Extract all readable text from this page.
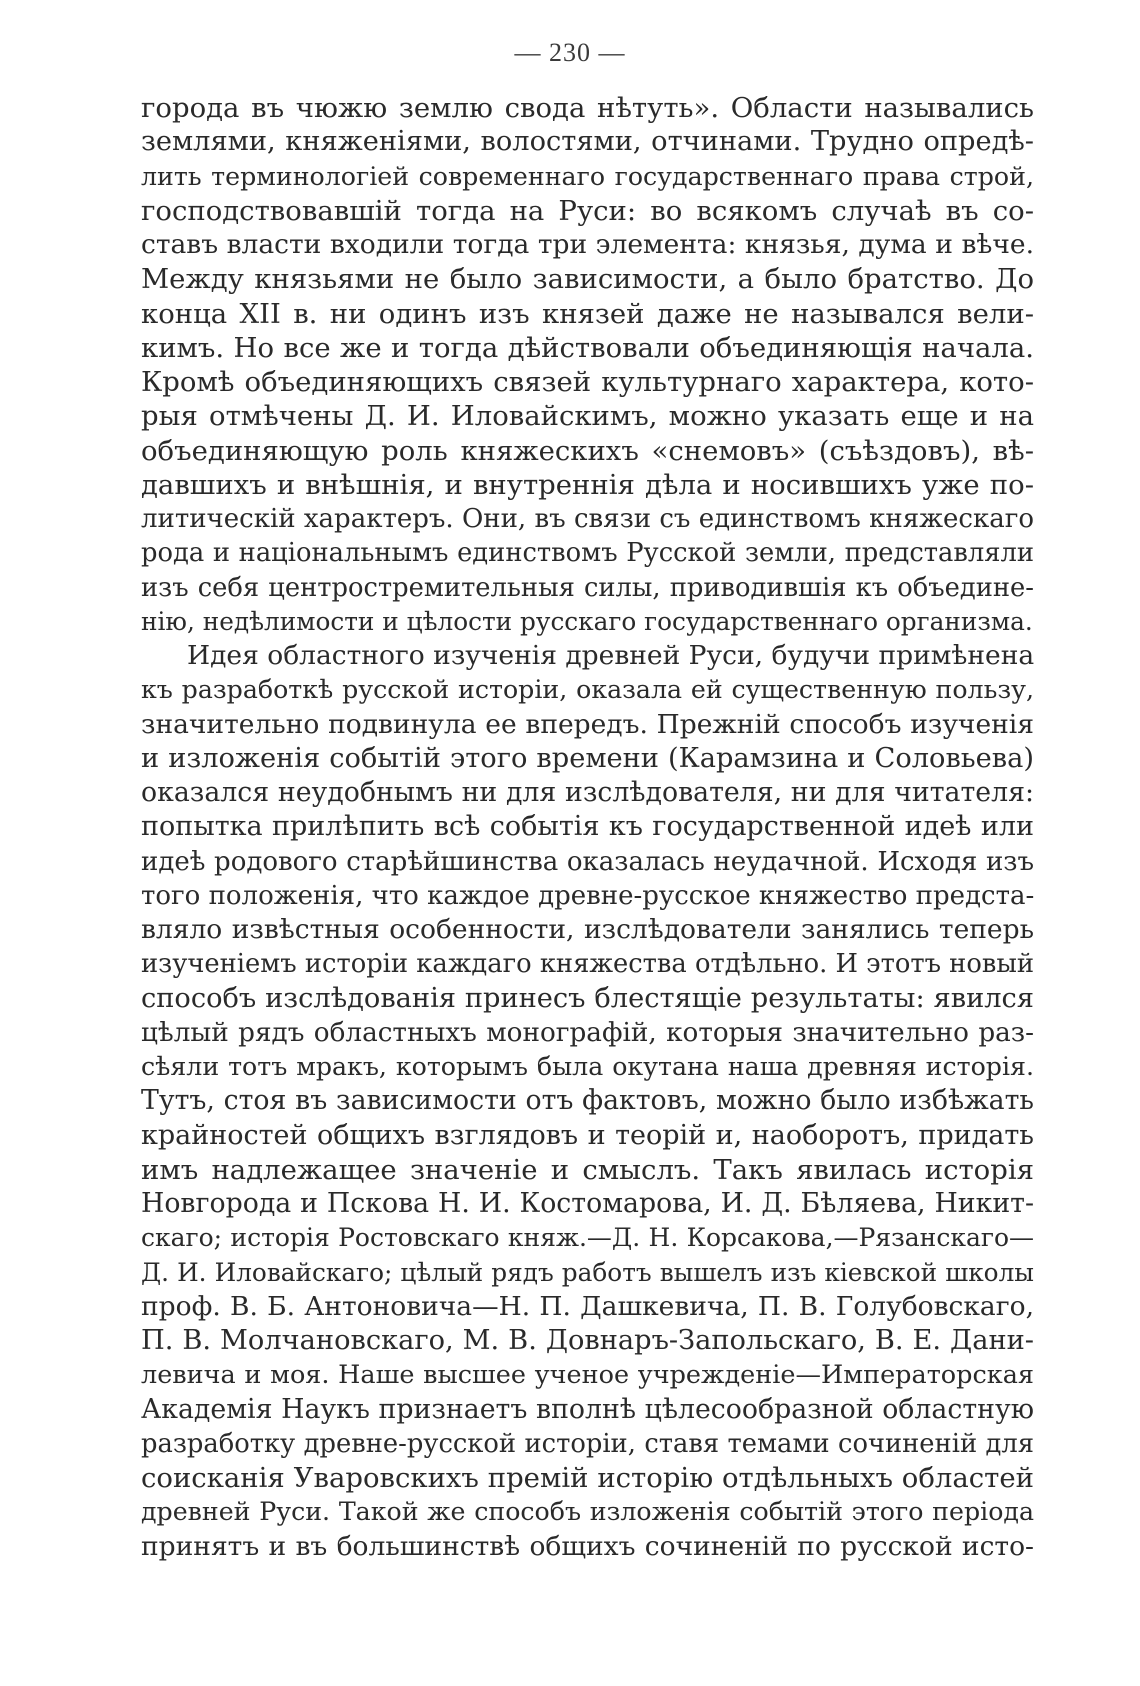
— 230 —
города въ чюжю землю свода нѣтуть». Области назывались
землями, княженіями, волостями, отчинами. Трудно опредѣ-
лить терминологіей современнаго государственнаго права строй,
господствовавшій тогда на Руси: во всякомъ случаѣ въ со-
ставъ власти входили тогда три элемента: князья, дума и вѣче.
Между князьями не было зависимости, а было братство. До
конца XII в. ни одинъ изъ князей даже не назывался вели-
кимъ. Но все же и тогда дѣйствовали объединяющія начала.
Кромѣ объединяющихъ связей культурнаго характера, кото-
рыя отмѣчены Д. И. Иловайскимъ, можно указать еще и на
объединяющую роль княжескихъ «снемовъ» (съѣздовъ), вѣ-
давшихъ и внѣшнія, и внутреннія дѣла и носившихъ уже по-
литическій характеръ. Они, въ связи съ единствомъ княжескаго
рода и національнымъ единствомъ Русской земли, представляли
изъ себя центростремительныя силы, приводившія къ объедине-
нію, недѣлимости и цѣлости русскаго государственнаго организма.
Идея областного изученія древней Руси, будучи примѣнена
къ разработкѣ русской исторіи, оказала ей существенную пользу,
значительно подвинула ее впередъ. Прежній способъ изученія
и изложенія событій этого времени (Карамзина и Соловьева)
оказался неудобнымъ ни для изслѣдователя, ни для читателя:
попытка прилѣпить всѣ событія къ государственной идеѣ или
идеѣ родового старѣйшинства оказалась неудачной. Исходя изъ
того положенія, что каждое древне-русское княжество предста-
вляло извѣстныя особенности, изслѣдователи занялись теперь
изученіемъ исторіи каждаго княжества отдѣльно. И этотъ новый
способъ изслѣдованія принесъ блестящіе результаты: явился
цѣлый рядъ областныхъ монографій, которыя значительно раз-
сѣяли тотъ мракъ, которымъ была окутана наша древняя исторія.
Тутъ, стоя въ зависимости отъ фактовъ, можно было избѣжать
крайностей общихъ взглядовъ и теорій и, наоборотъ, придать
имъ надлежащее значеніе и смыслъ. Такъ явилась исторія
Новгорода и Пскова Н. И. Костомарова, И. Д. Бѣляева, Никит-
скаго; исторія Ростовскаго княж.—Д. Н. Корсакова,—Рязанскаго—
Д. И. Иловайскаго; цѣлый рядъ работъ вышелъ изъ кіевской школы
проф. В. Б. Антоновича—Н. П. Дашкевича, П. В. Голубовскаго,
П. В. Молчановскаго, М. В. Довнаръ-Запольскаго, В. Е. Дани-
левича и моя. Наше высшее ученое учрежденіе—Императорская
Академія Наукъ признаетъ вполнѣ цѣлесообразной областную
разработку древне-русской исторіи, ставя темами сочиненій для
соисканія Уваровскихъ премій исторію отдѣльныхъ областей
древней Руси. Такой же способъ изложенія событій этого періода
принятъ и въ большинствѣ общихъ сочиненій по русской исто-
